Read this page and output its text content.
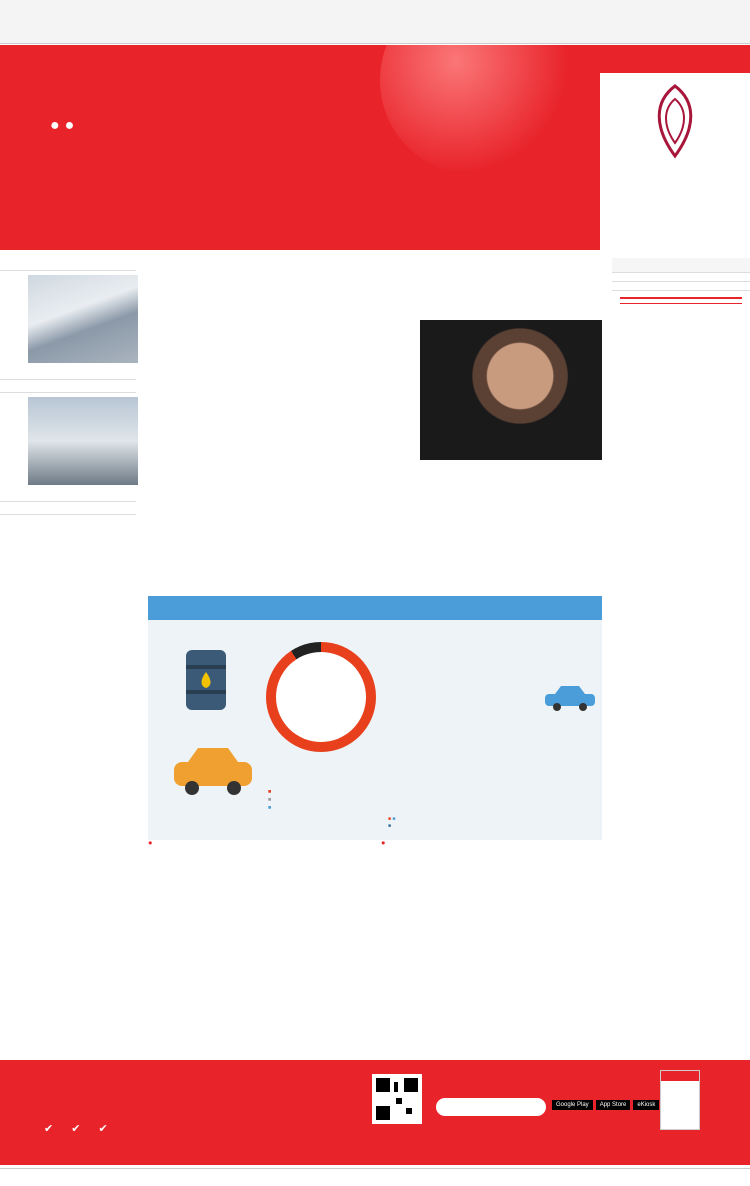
●●
■
■
■
■ ■
■
●	●
✔ ✔ ✔
Google Play	App Store	eKiosk
